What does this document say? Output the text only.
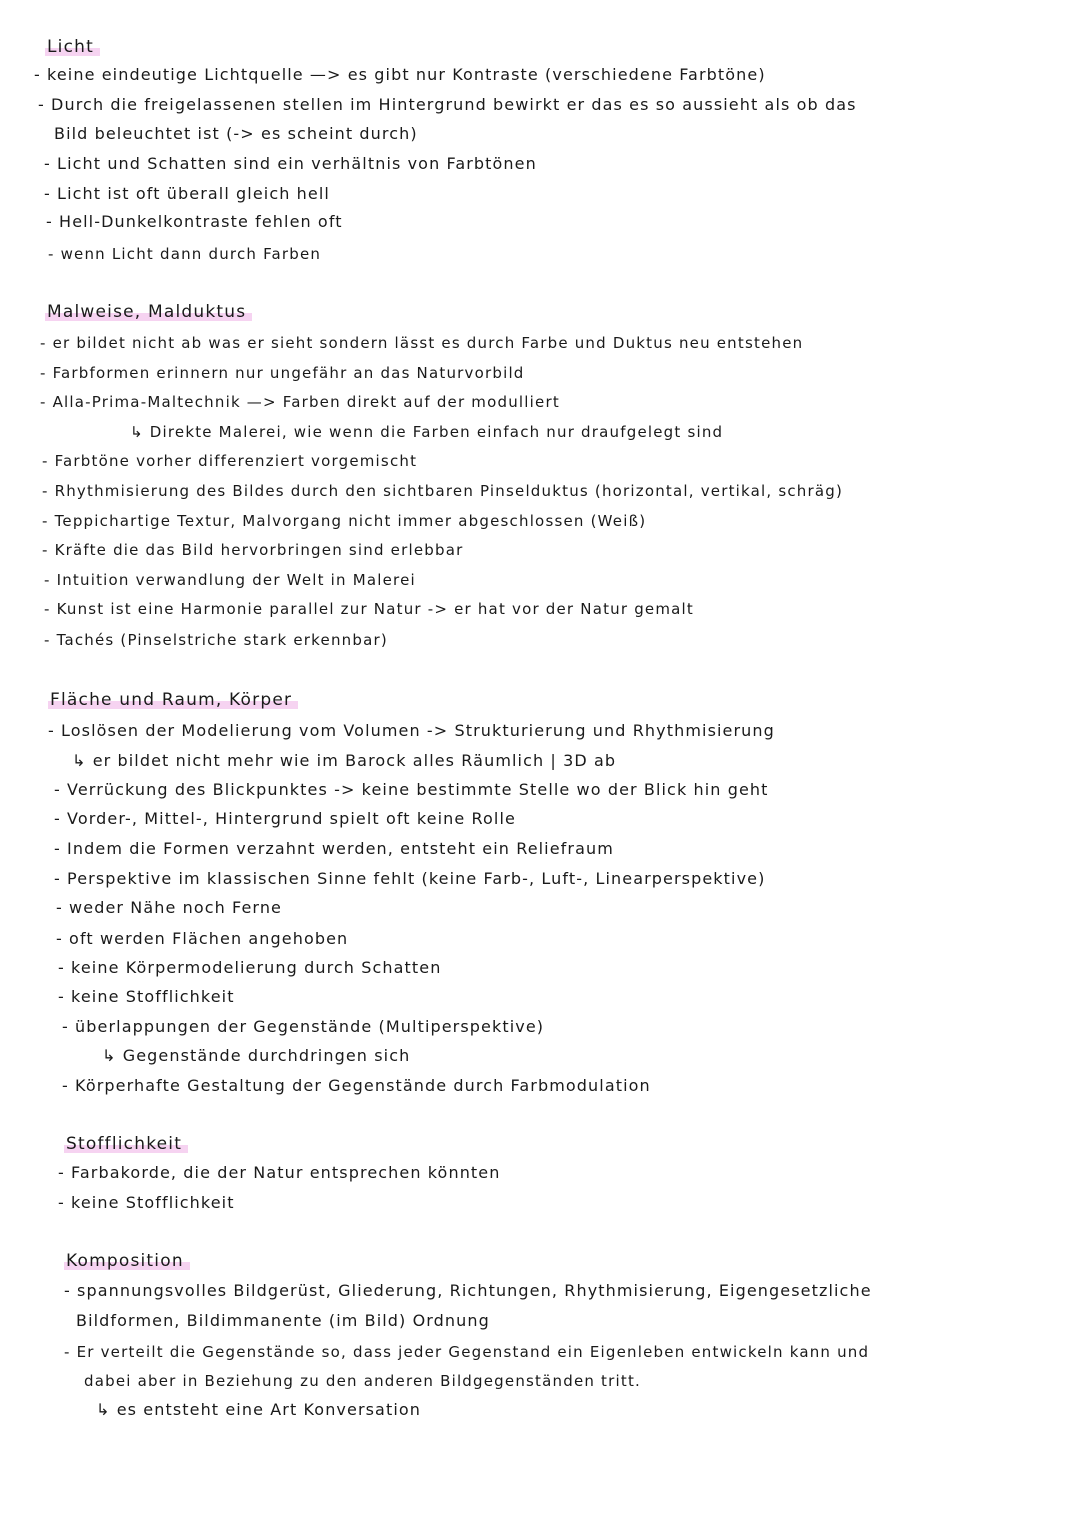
Licht
- keine eindeutige Lichtquelle —> es gibt nur Kontraste (verschiedene Farbtöne)
- Durch die freigelassenen stellen im Hintergrund bewirkt er das es so aussieht als ob das
Bild beleuchtet ist (-> es scheint durch)
- Licht und Schatten sind ein verhältnis von Farbtönen
- Licht ist oft überall gleich hell
- Hell-Dunkelkontraste fehlen oft
- wenn Licht dann durch Farben
Malweise, Malduktus
- er bildet nicht ab was er sieht sondern lässt es durch Farbe und Duktus neu entstehen
- Farbformen erinnern nur ungefähr an das Naturvorbild
- Alla-Prima-Maltechnik —> Farben direkt auf der modulliert
↳ Direkte Malerei, wie wenn die Farben einfach nur draufgelegt sind
- Farbtöne vorher differenziert vorgemischt
- Rhythmisierung des Bildes durch den sichtbaren Pinselduktus (horizontal, vertikal, schräg)
- Teppichartige Textur, Malvorgang nicht immer abgeschlossen (Weiß)
- Kräfte die das Bild hervorbringen sind erlebbar
- Intuition verwandlung der Welt in Malerei
- Kunst ist eine Harmonie parallel zur Natur -> er hat vor der Natur gemalt
- Tachés (Pinselstriche stark erkennbar)
Fläche und Raum, Körper
- Loslösen der Modelierung vom Volumen -> Strukturierung und Rhythmisierung
↳ er bildet nicht mehr wie im Barock alles Räumlich | 3D ab
- Verrückung des Blickpunktes -> keine bestimmte Stelle wo der Blick hin geht
- Vorder-, Mittel-, Hintergrund spielt oft keine Rolle
- Indem die Formen verzahnt werden, entsteht ein Reliefraum
- Perspektive im klassischen Sinne fehlt (keine Farb-, Luft-, Linearperspektive)
- weder Nähe noch Ferne
- oft werden Flächen angehoben
- keine Körpermodelierung durch Schatten
- keine Stofflichkeit
- überlappungen der Gegenstände (Multiperspektive)
↳ Gegenstände durchdringen sich
- Körperhafte Gestaltung der Gegenstände durch Farbmodulation
Stofflichkeit
- Farbakorde, die der Natur entsprechen könnten
- keine Stofflichkeit
Komposition
- spannungsvolles Bildgerüst, Gliederung, Richtungen, Rhythmisierung, Eigengesetzliche
Bildformen, Bildimmanente (im Bild) Ordnung
- Er verteilt die Gegenstände so, dass jeder Gegenstand ein Eigenleben entwickeln kann und
dabei aber in Beziehung zu den anderen Bildgegenständen tritt.
↳ es entsteht eine Art Konversation
